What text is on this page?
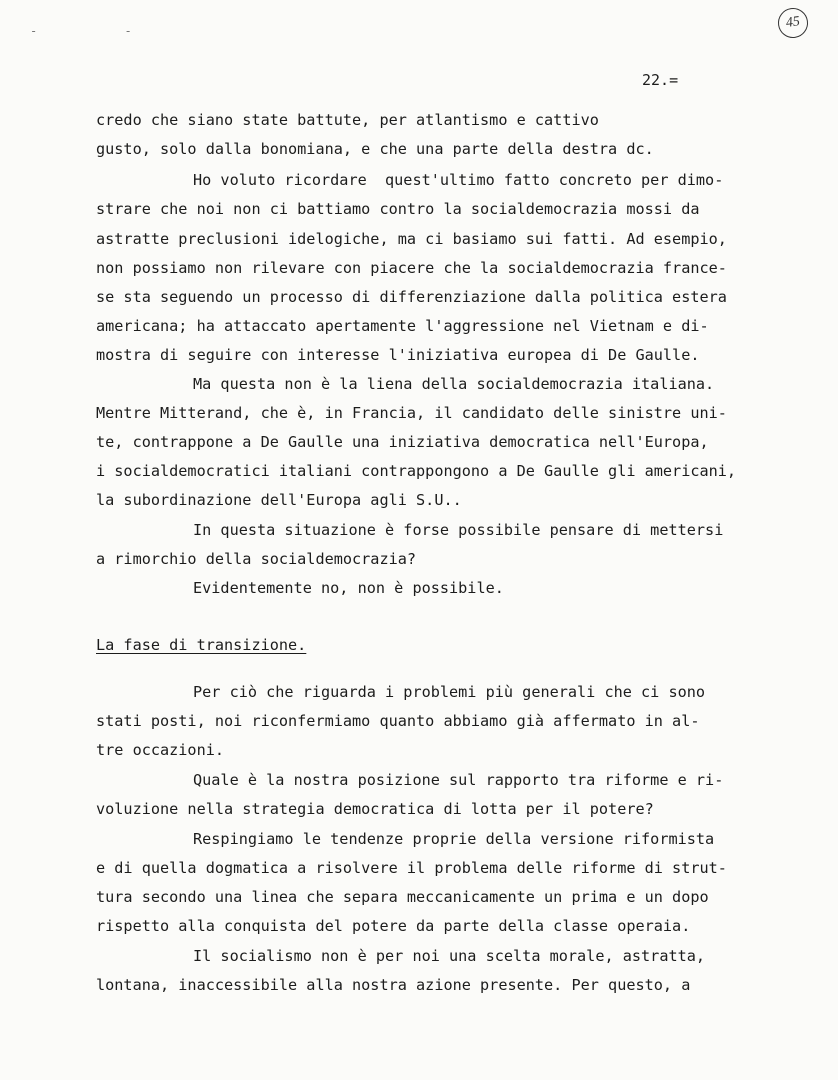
45
- -
22.=
credo che siano state battute, per atlantismo e cattivo
gusto, solo dalla bonomiana, e che una parte della destra dc.
Ho voluto ricordare  quest'ultimo fatto concreto per dimo-
strare che noi non ci battiamo contro la socialdemocrazia mossi da
astratte preclusioni idelogiche, ma ci basiamo sui fatti. Ad esempio,
non possiamo non rilevare con piacere che la socialdemocrazia france-
se sta seguendo un processo di differenziazione dalla politica estera
americana; ha attaccato apertamente l'aggressione nel Vietnam e di-
mostra di seguire con interesse l'iniziativa europea di De Gaulle.
Ma questa non è la liena della socialdemocrazia italiana.
Mentre Mitterand, che è, in Francia, il candidato delle sinistre uni-
te, contrappone a De Gaulle una iniziativa democratica nell'Europa,
i socialdemocratici italiani contrappongono a De Gaulle gli americani,
la subordinazione dell'Europa agli S.U..
In questa situazione è forse possibile pensare di mettersi
a rimorchio della socialdemocrazia?
Evidentemente no, non è possibile.
La fase di transizione.
Per ciò che riguarda i problemi più generali che ci sono
stati posti, noi riconfermiamo quanto abbiamo già affermato in al-
tre occazioni.
Quale è la nostra posizione sul rapporto tra riforme e ri-
voluzione nella strategia democratica di lotta per il potere?
Respingiamo le tendenze proprie della versione riformista
e di quella dogmatica a risolvere il problema delle riforme di strut-
tura secondo una linea che separa meccanicamente un prima e un dopo
rispetto alla conquista del potere da parte della classe operaia.
Il socialismo non è per noi una scelta morale, astratta,
lontana, inaccessibile alla nostra azione presente. Per questo, a
